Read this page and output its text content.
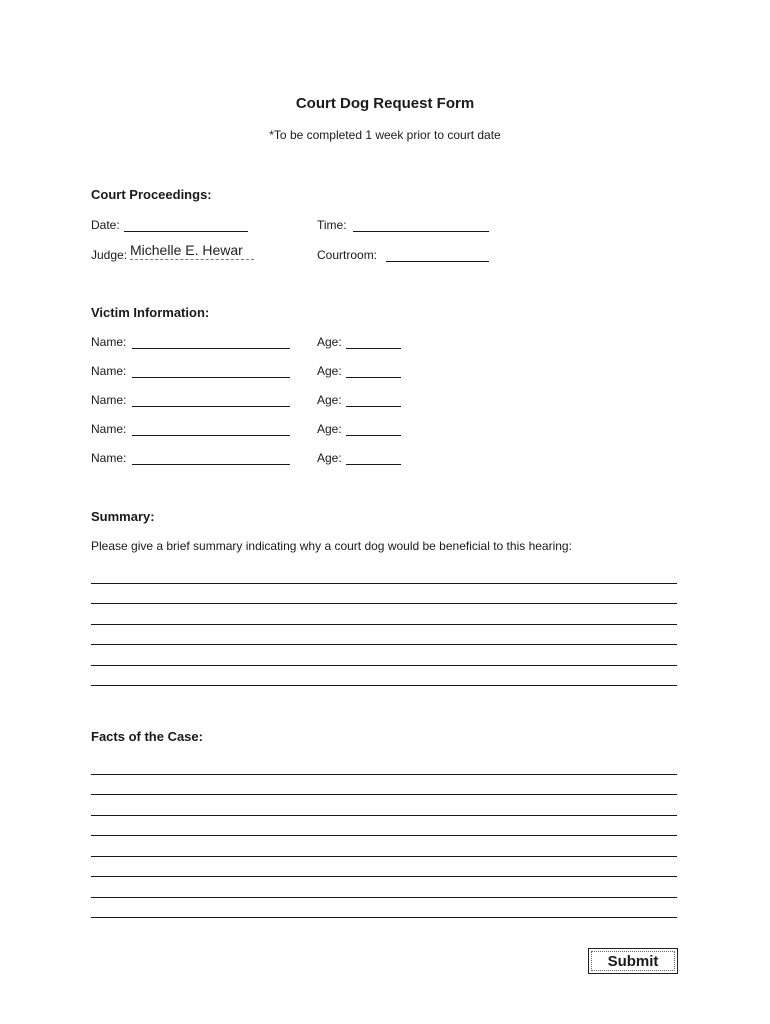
Court Dog Request Form
*To be completed 1 week prior to court date
Court Proceedings:
Date:	Time:
Judge: Michelle E. Hewar	Courtroom:
Victim Information:
Name:	Age:
Name:	Age:
Name:	Age:
Name:	Age:
Name:	Age:
Summary:
Please give a brief summary indicating why a court dog would be beneficial to this hearing:
Facts of the Case:
Submit
